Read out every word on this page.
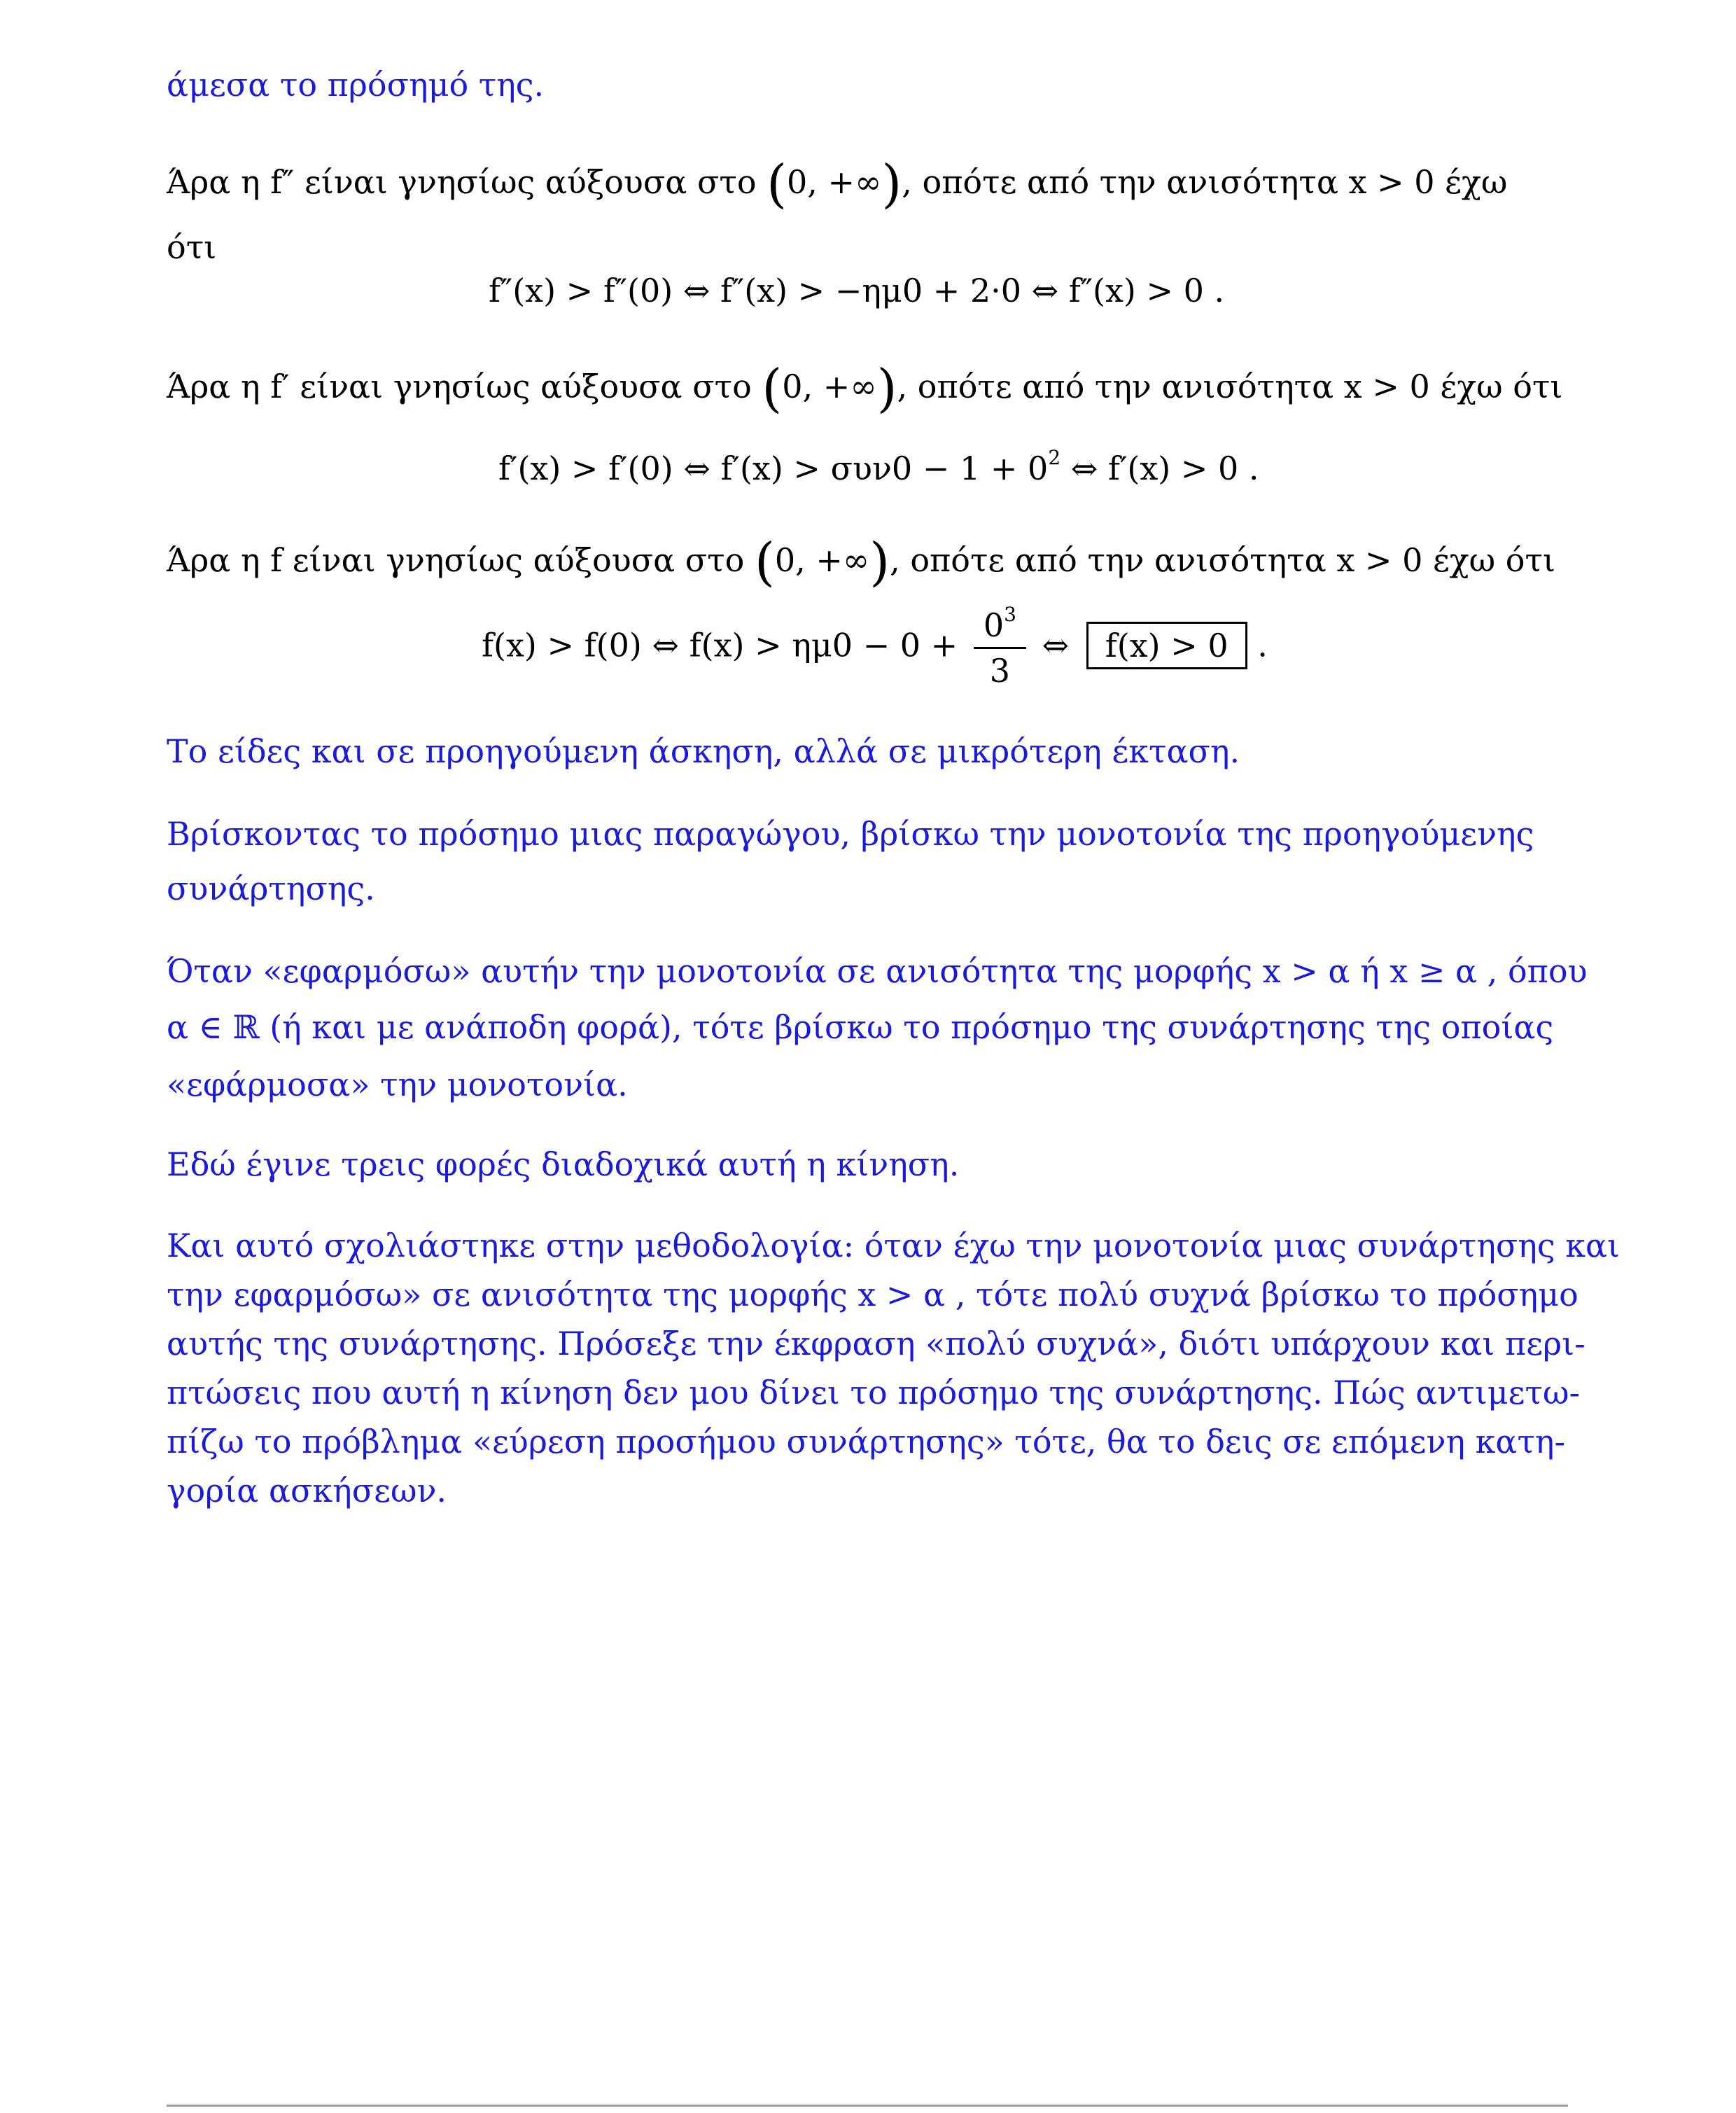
άμεσα το πρόσημό της.
Άρα η f″ είναι γνησίως αύξουσα στο (0, +∞), οπότε από την ανισότητα x > 0 έχω
ότι
f″(x) > f″(0) ⇔ f″(x) > −ημ0 + 2·0 ⇔ f″(x) > 0 .
Άρα η f′ είναι γνησίως αύξουσα στο (0, +∞), οπότε από την ανισότητα x > 0 έχω ότι
f′(x) > f′(0) ⇔ $f'(x) > \sigma\upsilon\nu 0 - 1 + 0^2$ ⇔ f′(x) > 0 .
Άρα η f είναι γνησίως αύξουσα στο (0, +∞), οπότε από την ανισότητα x > 0 έχω ότι
f(x) > f(0) ⇔ $f(x) > \eta\mu 0 - 0 + \frac{0^3}{3}$ ⇔ f(x) > 0 .
Το είδες και σε προηγούμενη άσκηση, αλλά σε μικρότερη έκταση.
Βρίσκοντας το πρόσημο μιας παραγώγου, βρίσκω την μονοτονία της προηγούμενης
συνάρτησης.
Όταν «εφαρμόσω» αυτήν την μονοτονία σε ανισότητα της μορφής x > α ή x ≥ α , όπου
α ∈ ℝ (ή και με ανάποδη φορά), τότε βρίσκω το πρόσημο της συνάρτησης της οποίας
«εφάρμοσα» την μονοτονία.
Εδώ έγινε τρεις φορές διαδοχικά αυτή η κίνηση.
Και αυτό σχολιάστηκε στην μεθοδολογία: όταν έχω την μονοτονία μιας συνάρτησης και
την εφαρμόσω» σε ανισότητα της μορφής x > α , τότε πολύ συχνά βρίσκω το πρόσημο
αυτής της συνάρτησης. Πρόσεξε την έκφραση «πολύ συχνά», διότι υπάρχουν και περι-
πτώσεις που αυτή η κίνηση δεν μου δίνει το πρόσημο της συνάρτησης. Πώς αντιμετω-
πίζω το πρόβλημα «εύρεση προσήμου συνάρτησης» τότε, θα το δεις σε επόμενη κατη-
γορία ασκήσεων.
